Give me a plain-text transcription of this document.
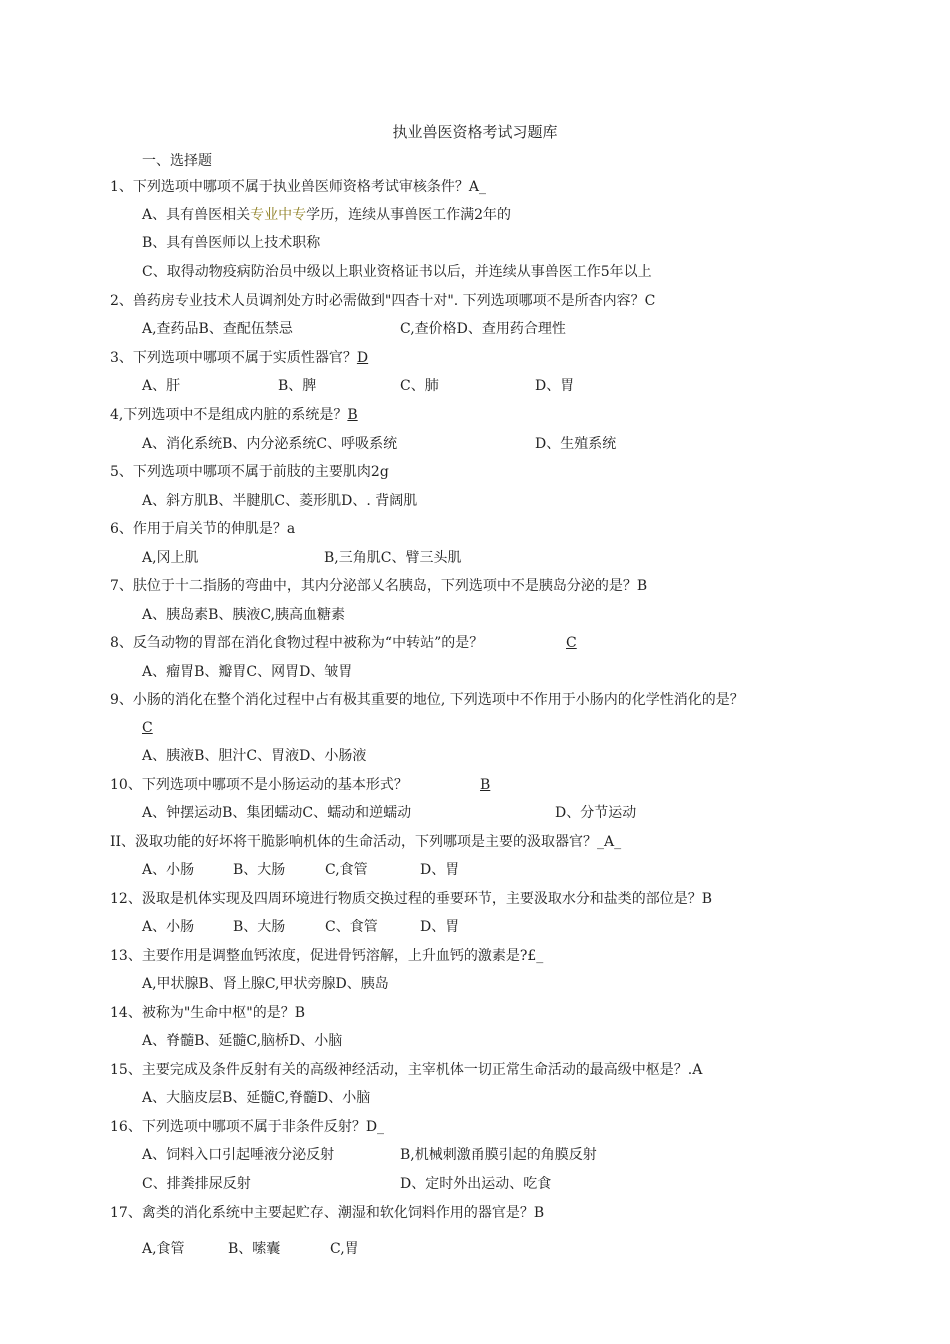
执业兽医资格考试习题库
一、选择题
1、下列选项中哪项不属于执业兽医师资格考试审核条件？A_
A、具有兽医相关专业中专学历，连续从事兽医工作满2年的
B、具有兽医师以上技术职称
C、取得动物疫病防治员中级以上职业资格证书以后，并连续从事兽医工作5年以上
2、兽药房专业技术人员调剂处方时必需做到"四杳十对". 下列选项哪项不是所杳内容？C
A,查药品B、查配伍禁忌	C,查价格D、查用药合理性
3、下列选项中哪项不属于实质性器官？D
A、肝	B、脾	C、肺	D、胃
4,下列选项中不是组成内脏的系统是？B
A、消化系统B、内分泌系统C、呼吸系统	D、生殖系统
5、下列选项中哪项不属于前肢的主要肌肉2g
A、斜方肌B、半腱肌C、菱形肌D、. 背阔肌
6、作用于肩关节的伸肌是？a
A,冈上肌	B,三角肌C、臂三头肌
7、肤位于十二指肠的弯曲中，其内分泌部乂名胰岛，下列选项中不是胰岛分泌的是？B
A、胰岛素B、胰液C,胰高血糖素
8、反刍动物的胃部在消化食物过程中被称为“中转站”的是？	C
A、瘤胃B、瓣胃C、网胃D、皱胃
9、小肠的消化在整个消化过程中占有极其重要的地位, 下列选项中不作用于小肠内的化学性消化的是？
C
A、胰液B、胆汁C、胃液D、小肠液
10、下列选项中哪项不是小肠运动的基本形式？	B
A、钟摆运动B、集团蠕动C、蠕动和逆蠕动	D、分节运动
II、汲取功能的好坏将干脆影响机体的生命活动，下列哪项是主要的汲取器官？_A_
A、小肠	B、大肠	C,食管	D、胃
12、汲取是机体实现及四周环境进行物质交换过程的垂要环节，主要汲取水分和盐类的部位是？B
A、小肠	B、大肠	C、食管	D、胃
13、主要作用是调整血钙浓度，促进骨钙溶解，上升血钙的激素是?£_
A,甲状腺B、肾上腺C,甲状旁腺D、胰岛
14、被称为"生命中枢"的是？B
A、脊髓B、延髓C,脑桥D、小脑
15、主要完成及条件反射有关的高级神经活动，主宰机体一切正常生命活动的最高级中枢是？.A
A、大脑皮层B、延髓C,脊髓D、小脑
16、下列选项中哪项不属于非条件反射？D_
A、饲料入口引起唾液分泌反射	B,机械刺激甬膜引起的角膜反射
C、排粪排尿反射	D、定时外出运动、吃食
17、禽类的消化系统中主要起贮存、潮湿和软化饲料作用的器官是？B
A,食管	B、嗦囊	C,胃
